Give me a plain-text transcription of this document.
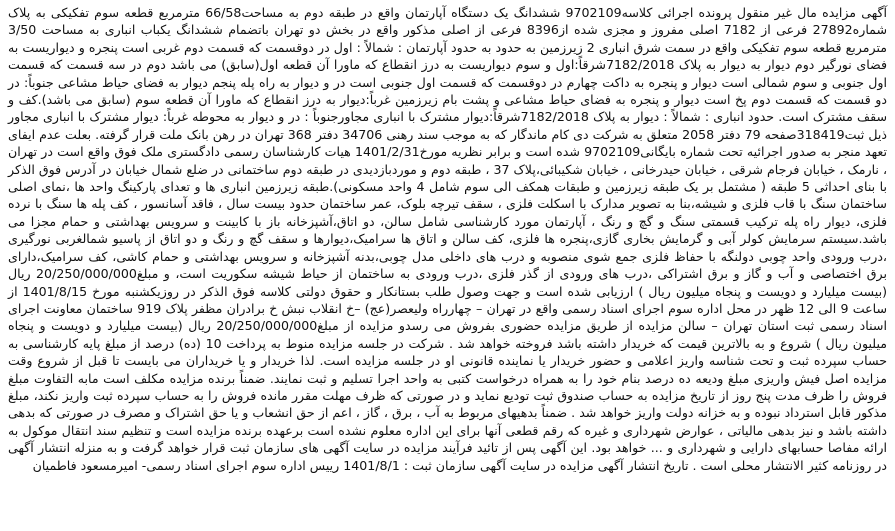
آگهی مزایده مال غیر منقول پرونده اجرائی کلاسه9702109 ششدانگ یک دستگاه آپارتمان واقع در طبقه دوم به مساحت66/58 مترمربع قطعه سوم تفکیکی به پلاک شماره27892 فرعی از 7182 اصلی مفروز و مجزی شده از8396 فرعی از اصلی مذکور واقع در بخش دو تهران باتضمام ششدانگ یکباب انباری به مساحت 3/50 مترمربع قطعه سوم تفکیکی واقع در سمت شرق انباری 2 زیرزمین به حدود به حدود آپارتمان : شمالاً : اول در دوقسمت که قسمت دوم غربی است پنجره و دیواریست به فضای نورگیر دوم دیوار به دیوار به پلاک 7182/2018شرقاً:اول و سوم دیواریست به درز انقطاع که ماورا آن قطعه اول(سابق) می باشد دوم در سه قسمت که قسمت اول جنوبی و سوم شمالی است دیوار و پنجره به داکت چهارم در دوقسمت که قسمت اول جنوبی است در و دیوار به راه پله پنجم دیوار به فضای حیاط مشاعی جنوباً: در دو قسمت که قسمت دوم پخ است دیوار و پنجره به فضای حیاط مشاعی و پشت بام زیرزمین غرباً:دیوار به درز انقطاع که ماورا آن قطعه سوم (سابق می باشد).کف و سقف مشترک است. حدود انباری : شمالاً : دیوار به پلاک 7182/2018شرقاً:دیوار مشترک با انباری مجاورجنوباً : در و دیوار به محوطه غرباً: دیوار مشترک با انباری مجاور ذیل ثبت318419صفحه 79 دفتر 2058 متعلق به شرکت دی کام ماندگار که به موجب سند رهنی 34706 دفتر 368 تهران در رهن بانک ملت قرار گرفته. بعلت عدم ایفای تعهد منجر به صدور اجرائیه تحت شماره بایگانی9702109 شده است و برابر نظریه مورخ1401/2/31 هیات کارشناسان رسمی دادگستری ملک فوق واقع است در تهران ، نارمک ، خیابان فرجام شرقی ، خیابان حیدرخانی ، خیابان شکیبائی،پلاک 37 ، طبقه دوم و موردبازدیدی در طبقه دوم ساختمانی در ضلع شمال خیابان در آدرس فوق الذکر با بنای احداثی 5 طبقه ( مشتمل بر یک طبقه زیرزمین و طبقات همکف الی سوم شامل 4 واحد مسکونی).طبقه زیرزمین انباری ها و تعدای پارکینگ واحد ها ،نمای اصلی ساختمان سنگ با قاب فلزی و شیشه،بنا به تصویر مدارک با اسکلت فلزی ، سقف تیرچه بلوک، عمر ساختمان حدود بیست سال ، فاقد آسانسور ، کف پله ها سنگ با نرده فلزی، دیوار راه پله ترکیب قسمتی سنگ و گچ و رنگ ، آپارتمان مورد کارشناسی شامل سالن، دو اتاق،آشپزخانه باز با کابینت و سرویس بهداشتی و حمام مجزا می باشد.سیستم سرمایش کولر آبی و گرمایش بخاری گازی،پنجره ها فلزی، کف سالن و اتاق ها سرامیک،دیوارها و سقف گچ و رنگ و دو اتاق از پاسیو شمالغربی نورگیری ،درب ورودی واحد چوبی دولنگه با حفاظ فلزی جمع شوی منصوبه و درب های داخلی مدل چوبی،بدنه آشپزخانه و سرویس بهداشتی و حمام کاشی، کف سرامیک،دارای برق اختصاصی و آب و گاز و برق اشتراکی ،درب های ورودی از گذر فلزی ،درب ورودی به ساختمان از حیاط شیشه سکوریت است، و مبلغ20/250/000/000 ریال (بیست میلیارد و دویست و پنجاه میلیون ریال ) ارزیابی شده است و جهت وصول طلب بستانکار و حقوق دولتی کلاسه فوق الذکر در روزیکشنبه مورخ 1401/8/15 از ساعت 9 الی 12 ظهر در محل اداره سوم اجرای اسناد رسمی واقع در تهران – چهارراه ولیعصر(عج) –خ انقلاب نبش خ برادران مظفر پلاک 919 ساختمان معاونت اجرای اسناد رسمی ثبت استان تهران – سالن مزایده از طریق مزایده حضوری بفروش می رسدو مزایده از مبلغ20/250/000/000 ریال (بیست میلیارد و دویست و پنجاه میلیون ریال ) شروع و به بالاترین قیمت که خریدار داشته باشد فروخته خواهد شد . شرکت در جلسه مزایده منوط به پرداخت 10 (ده) درصد از مبلغ پایه کارشناسی به حساب سپرده ثبت و تحت شناسه واریز اعلامی و حضور خریدار یا نماینده قانونی او در جلسه مزایده است. لذا خریدار و یا خریداران می بایست تا قبل از شروع وقت مزایده اصل فیش واریزی مبلغ ودیعه ده درصد بنام خود را به همراه درخواست کتبی به واحد اجرا تسلیم و ثبت نمایند. ضمناً برنده مزایده مکلف است مابه التفاوت مبلغ فروش را ظرف مدت پنج روز از تاریخ مزایده به حساب صندوق ثبت تودیع نماید و در صورتی که ظرف مهلت مقرر مانده فروش را به حساب سپرده ثبت واریز نکند، مبلغ مذکور قابل استرداد نبوده و به خزانه دولت واریز خواهد شد . ضمناً بدهیهای مربوط به آب ، برق ، گاز ، اعم از حق انشعاب و یا حق اشتراک و مصرف در صورتی که بدهی داشته باشد و نیز بدهی مالیاتی ، عوارض شهرداری و غیره که رقم قطعی آنها برای این اداره معلوم نشده است برعهده برنده مزایده است و تنظیم سند انتقال موکول به ارائه مفاصا حسابهای دارایی و شهرداری و ... خواهد بود. این آگهی پس از تائید فرآیند مزایده در سایت آگهی های سازمان ثبت قرار خواهد گرفت و به منزله انتشار آگهی در روزنامه کثیر الانتشار محلی است . تاریخ انتشار آگهی مزایده در سایت آگهی سازمان ثبت : 1401/8/1 رییس اداره سوم اجرای اسناد رسمی- امیرمسعود فاطمیان
